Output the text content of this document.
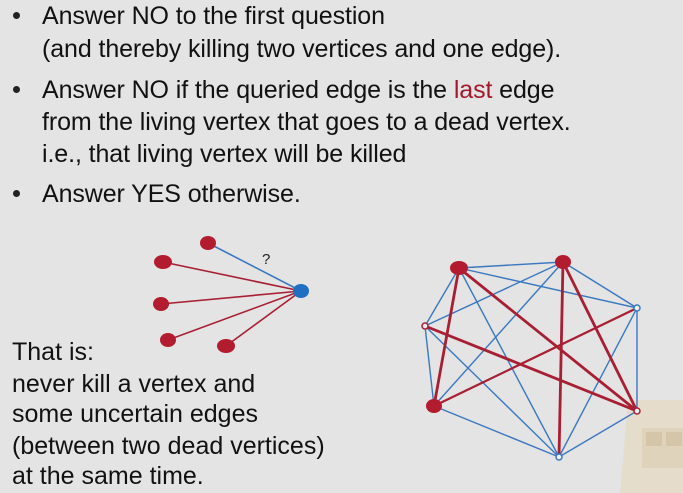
Answer NO to the first question
(and thereby killing two vertices and one edge).
Answer NO if the queried edge is the last edge
from the living vertex that goes to a dead vertex.
i.e., that living vertex will be killed
Answer YES otherwise.
?
That is:
never kill a vertex and
some uncertain edges
(between two dead vertices)
at the same time.
